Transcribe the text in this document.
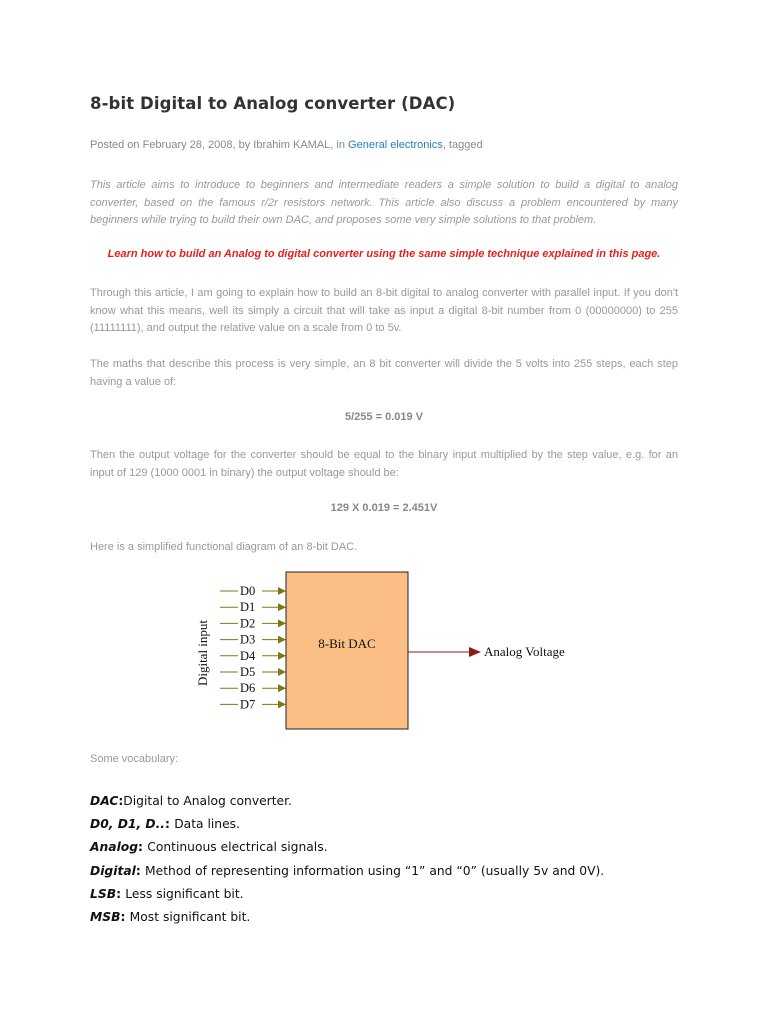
8-bit Digital to Analog converter (DAC)
Posted on February 28, 2008, by Ibrahim KAMAL, in General electronics, tagged

This article aims to introduce to beginners and intermediate readers a simple solution to build a digital to analog converter, based on the famous r/2r resistors network. This article also discuss a problem encountered by many beginners while trying to build their own DAC, and proposes some very simple solutions to that problem.

Learn how to build an Analog to digital converter using the same simple technique explained in this page.

Through this article, I am going to explain how to build an 8-bit digital to analog converter with parallel input. If you don't know what this means, well its simply a circuit that will take as input a digital 8-bit number from 0 (00000000) to 255 (11111111), and output the relative value on a scale from 0 to 5v.

The maths that describe this process is very simple, an 8 bit converter will divide the 5 volts into 255 steps, each step having a value of:

5/255 = 0.019 V

Then the output voltage for the converter should be equal to the binary input multiplied by the step value, e.g. for an input of 129 (1000 0001 in binary) the output voltage should be:

129 X 0.019 = 2.451V

Here is a simplified functional diagram of an 8-bit DAC.

Digital input
D0
D1
D2
D3
D4
D5
D6
D7
8-Bit DAC
Analog Voltage

Some vocabulary:

DAC:Digital to Analog converter.
D0, D1, D..: Data lines.
Analog: Continuous electrical signals.
Digital: Method of representing information using “1” and “0” (usually 5v and 0V).
LSB: Less significant bit.
MSB: Most significant bit.
